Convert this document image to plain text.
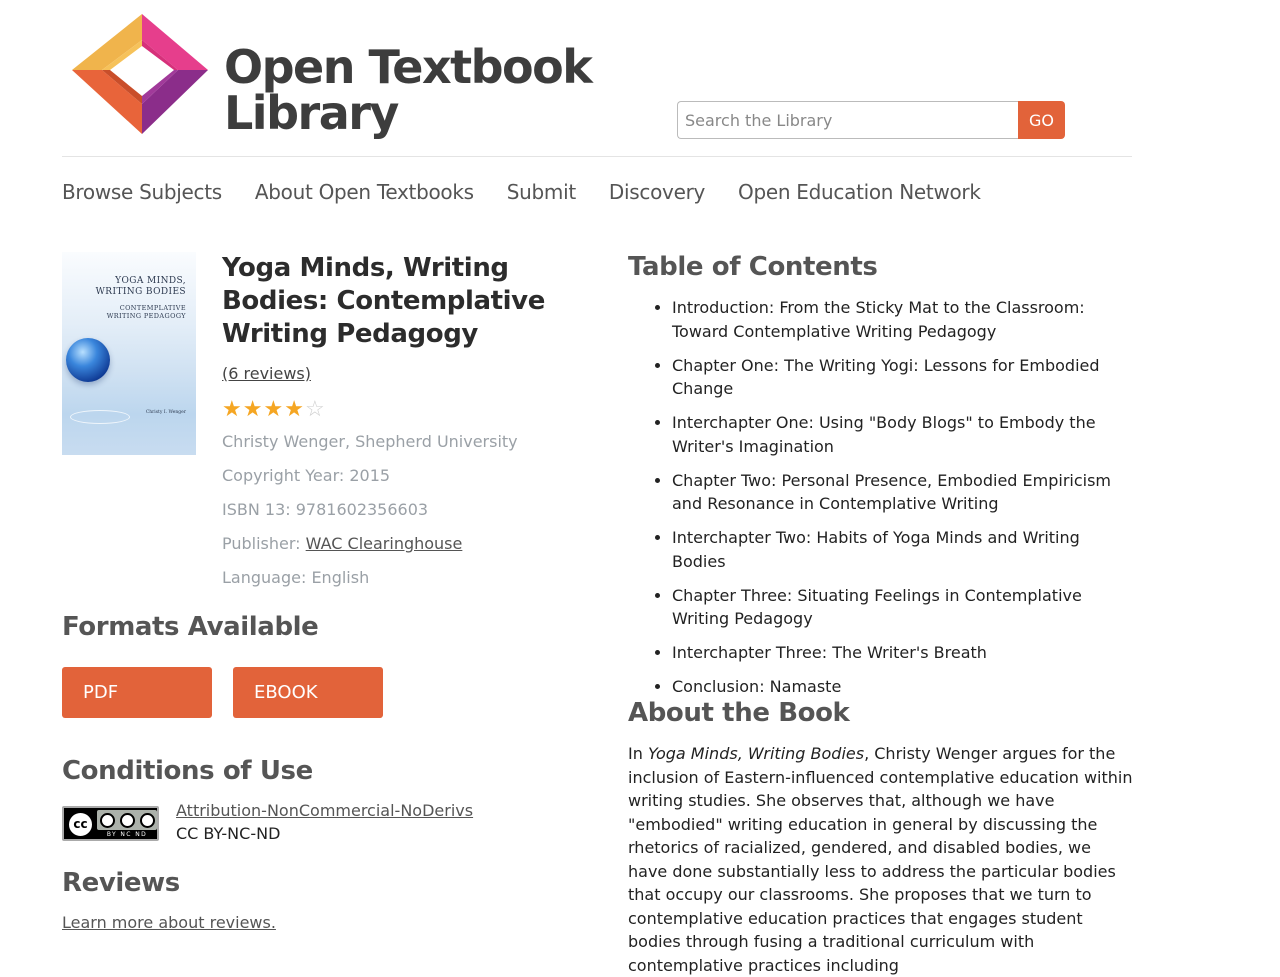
Open Textbook
Library
Search the Library	GO
Browse Subjects About Open Textbooks Submit Discovery Open Education Network
YOGA MINDS,
WRITING BODIES
CONTEMPLATIVE
WRITING PEDAGOGY
Christy I. Wenger
Yoga Minds, Writing Bodies: Contemplative Writing Pedagogy
(6 reviews)
★ ★ ★ ★ ☆
Christy Wenger, Shepherd University
Copyright Year: 2015
ISBN 13: 9781602356603
Publisher: WAC Clearinghouse
Language: English
Formats Available
PDF	EBOOK
Conditions of Use
cc
BY NC ND
Attribution-NonCommercial-NoDerivs
CC BY-NC-ND
Reviews
Learn more about reviews.
Table of Contents
• Introduction: From the Sticky Mat to the Classroom: Toward Contemplative Writing Pedagogy
• Chapter One: The Writing Yogi: Lessons for Embodied Change
• Interchapter One: Using "Body Blogs" to Embody the Writer's Imagination
• Chapter Two: Personal Presence, Embodied Empiricism and Resonance in Contemplative Writing
• Interchapter Two: Habits of Yoga Minds and Writing Bodies
• Chapter Three: Situating Feelings in Contemplative Writing Pedagogy
• Interchapter Three: The Writer's Breath
• Conclusion: Namaste
About the Book

In Yoga Minds, Writing Bodies, Christy Wenger argues for the inclusion of Eastern-influenced contemplative education within writing studies. She observes that, although we have "embodied" writing education in general by discussing the rhetorics of racialized, gendered, and disabled bodies, we have done substantially less to address the particular bodies that occupy our classrooms. She proposes that we turn to contemplative education practices that engages student bodies through fusing a traditional curriculum with contemplative practices including
